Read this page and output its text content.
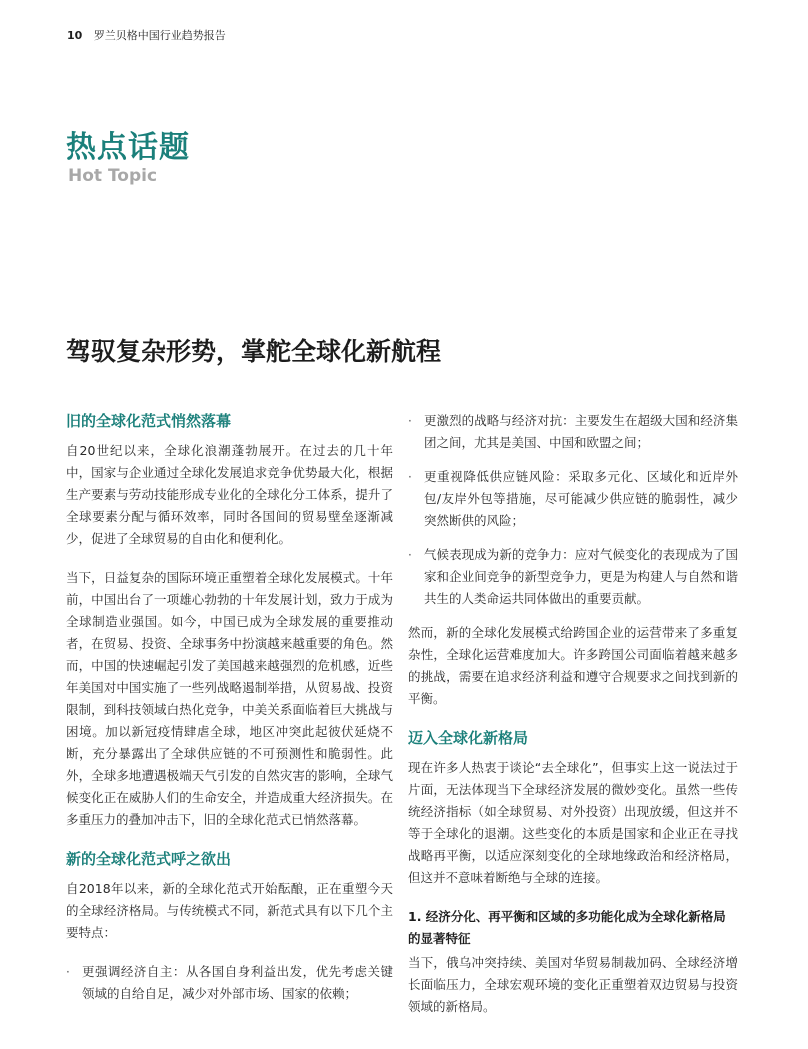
10 罗兰贝格中国行业趋势报告
热点话题
Hot Topic
驾驭复杂形势，掌舵全球化新航程
旧的全球化范式悄然落幕

自20世纪以来，全球化浪潮蓬勃展开。在过去的几十年中，国家与企业通过全球化发展追求竞争优势最大化，根据生产要素与劳动技能形成专业化的全球化分工体系，提升了全球要素分配与循环效率，同时各国间的贸易壁垒逐渐减少，促进了全球贸易的自由化和便利化。

当下，日益复杂的国际环境正重塑着全球化发展模式。十年前，中国出台了一项雄心勃勃的十年发展计划，致力于成为全球制造业强国。如今，中国已成为全球发展的重要推动者，在贸易、投资、全球事务中扮演越来越重要的角色。然而，中国的快速崛起引发了美国越来越强烈的危机感，近些年美国对中国实施了一些列战略遏制举措，从贸易战、投资限制，到科技领域白热化竞争，中美关系面临着巨大挑战与困境。加以新冠疫情肆虐全球，地区冲突此起彼伏延烧不断，充分暴露出了全球供应链的不可预测性和脆弱性。此外，全球多地遭遇极端天气引发的自然灾害的影响，全球气候变化正在威胁人们的生命安全，并造成重大经济损失。在多重压力的叠加冲击下，旧的全球化范式已悄然落幕。

新的全球化范式呼之欲出

自2018年以来，新的全球化范式开始酝酿，正在重塑今天的全球经济格局。与传统模式不同，新范式具有以下几个主要特点：

· 更强调经济自主：从各国自身利益出发，优先考虑关键领域的自给自足，减少对外部市场、国家的依赖；
· 更激烈的战略与经济对抗：主要发生在超级大国和经济集团之间，尤其是美国、中国和欧盟之间；
· 更重视降低供应链风险：采取多元化、区域化和近岸外包/友岸外包等措施，尽可能减少供应链的脆弱性，减少突然断供的风险；
· 气候表现成为新的竞争力：应对气候变化的表现成为了国家和企业间竞争的新型竞争力，更是为构建人与自然和谐共生的人类命运共同体做出的重要贡献。

然而，新的全球化发展模式给跨国企业的运营带来了多重复杂性，全球化运营难度加大。许多跨国公司面临着越来越多的挑战，需要在追求经济利益和遵守合规要求之间找到新的平衡。

迈入全球化新格局

现在许多人热衷于谈论“去全球化”，但事实上这一说法过于片面，无法体现当下全球经济发展的微妙变化。虽然一些传统经济指标（如全球贸易、对外投资）出现放缓，但这并不等于全球化的退潮。这些变化的本质是国家和企业正在寻找战略再平衡，以适应深刻变化的全球地缘政治和经济格局，但这并不意味着断绝与全球的连接。

1. 经济分化、再平衡和区域的多功能化成为全球化新格局的显著特征

当下，俄乌冲突持续、美国对华贸易制裁加码、全球经济增长面临压力，全球宏观环境的变化正重塑着双边贸易与投资领域的新格局。
